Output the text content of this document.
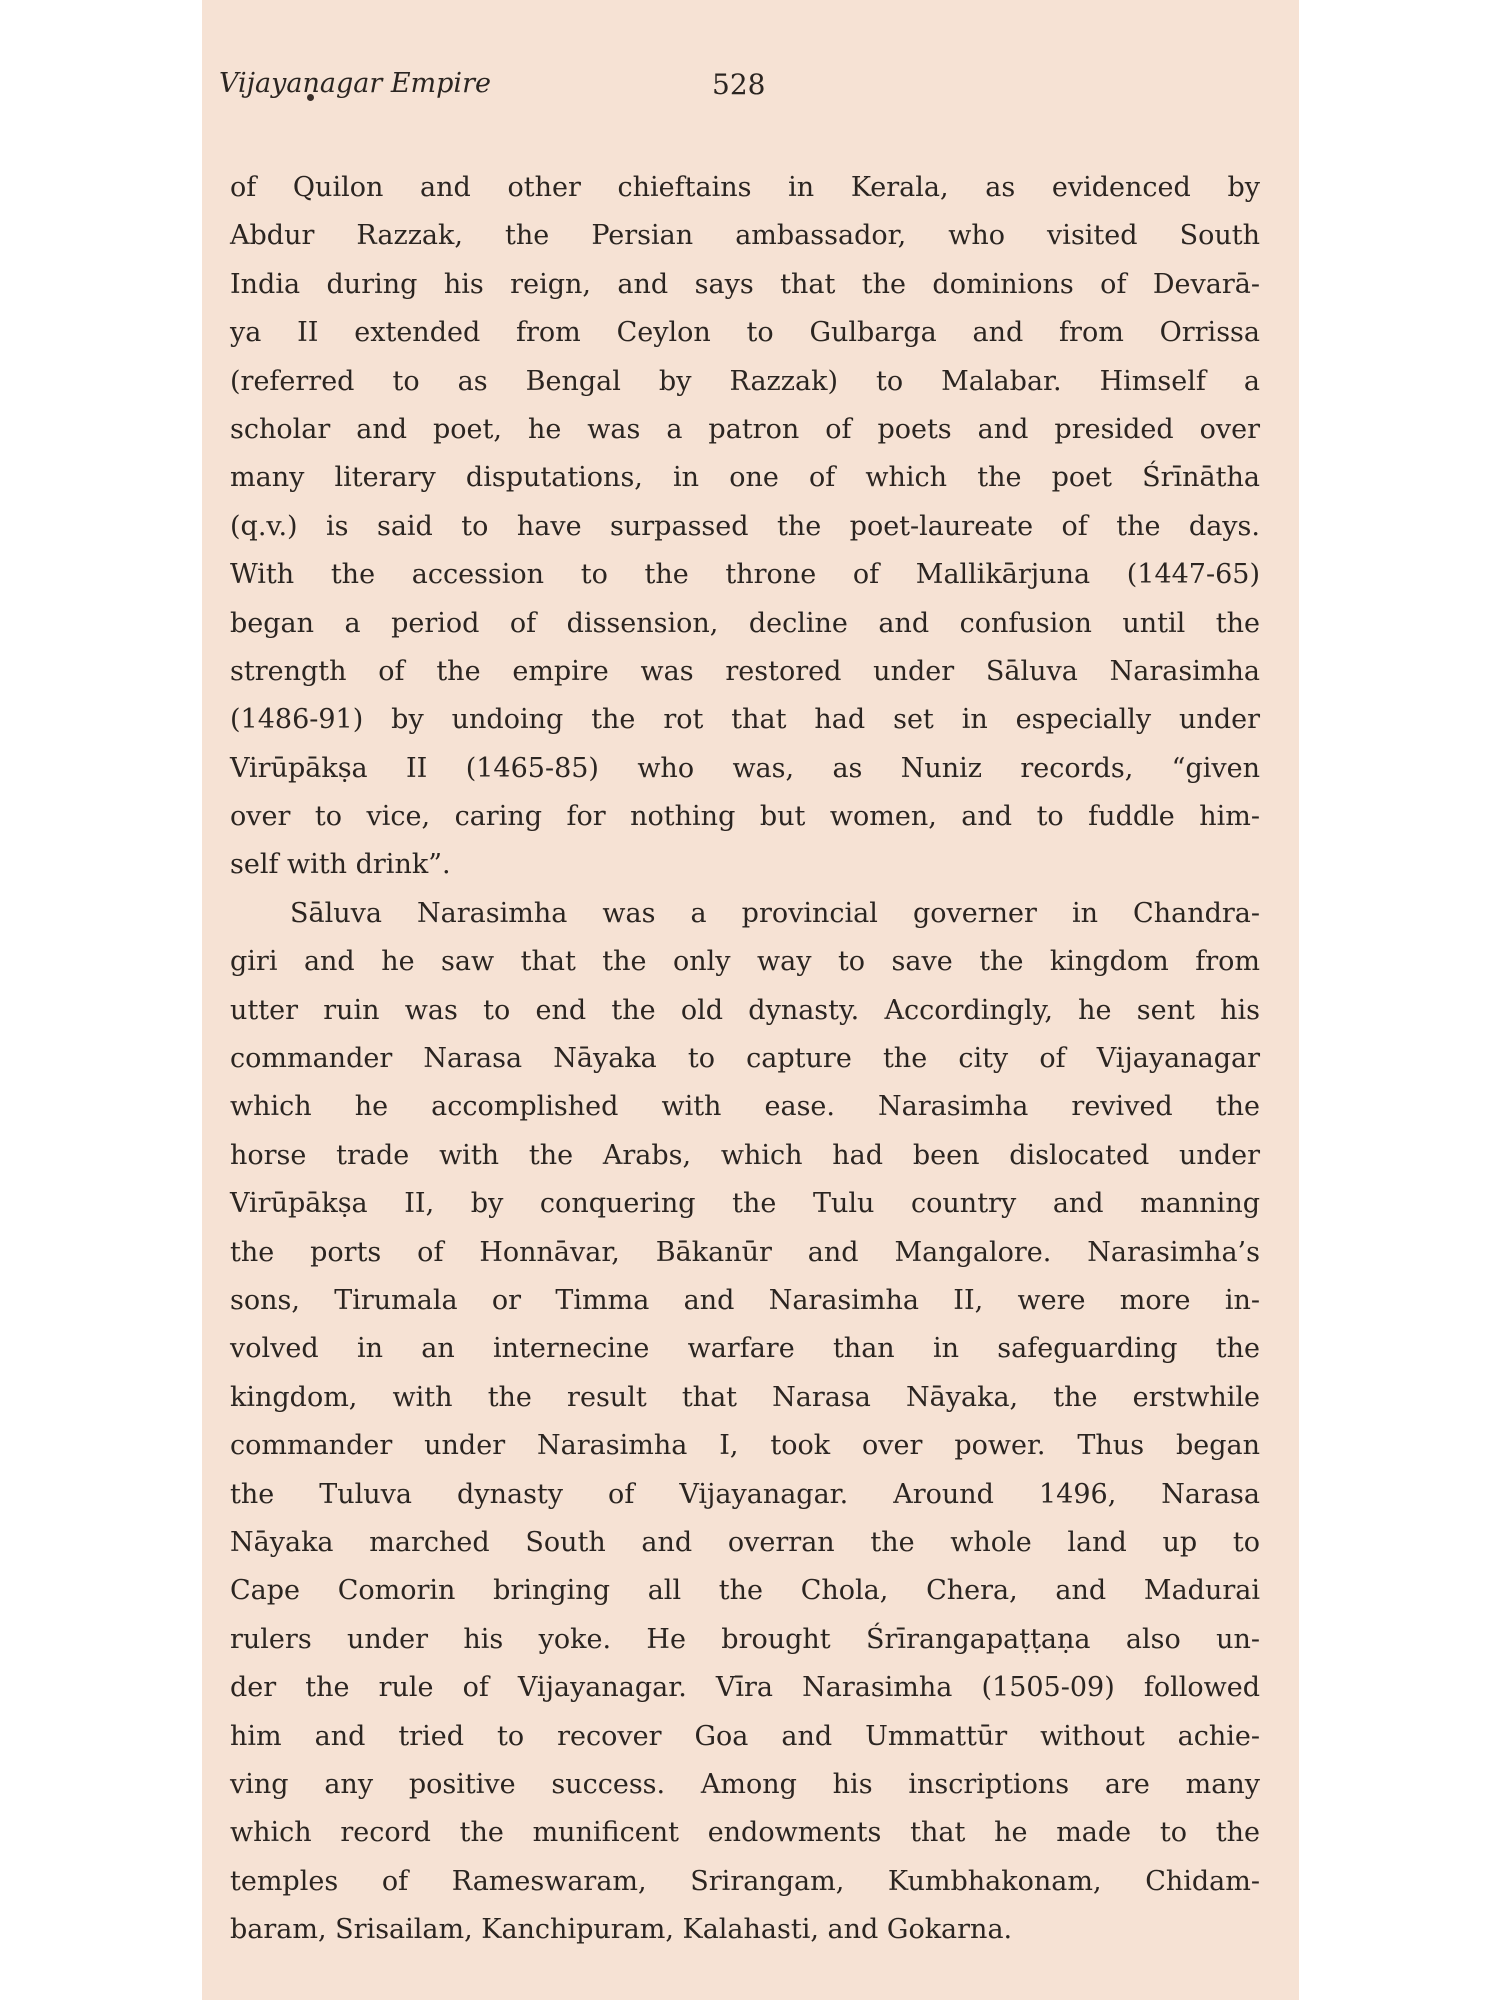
Vijayanagar Empire	528
of Quilon and other chieftains in Kerala, as evidenced by
Abdur Razzak, the Persian ambassador, who visited South
India during his reign, and says that the dominions of Devarā-
ya II extended from Ceylon to Gulbarga and from Orrissa
(referred to as Bengal by Razzak) to Malabar. Himself a
scholar and poet, he was a patron of poets and presided over
many literary disputations, in one of which the poet Śrīnātha
(q.v.) is said to have surpassed the poet-laureate of the days.
With the accession to the throne of Mallikārjuna (1447-65)
began a period of dissension, decline and confusion until the
strength of the empire was restored under Sāluva Narasimha
(1486-91) by undoing the rot that had set in especially under
Virūpākṣa II (1465-85) who was, as Nuniz records, “given
over to vice, caring for nothing but women, and to fuddle him-
self with drink”.
Sāluva Narasimha was a provincial governer in Chandra-
giri and he saw that the only way to save the kingdom from
utter ruin was to end the old dynasty. Accordingly, he sent his
commander Narasa Nāyaka to capture the city of Vijayanagar
which he accomplished with ease. Narasimha revived the
horse trade with the Arabs, which had been dislocated under
Virūpākṣa II, by conquering the Tulu country and manning
the ports of Honnāvar, Bākanūr and Mangalore. Narasimha’s
sons, Tirumala or Timma and Narasimha II, were more in-
volved in an internecine warfare than in safeguarding the
kingdom, with the result that Narasa Nāyaka, the erstwhile
commander under Narasimha I, took over power. Thus began
the Tuluva dynasty of Vijayanagar. Around 1496, Narasa
Nāyaka marched South and overran the whole land up to
Cape Comorin bringing all the Chola, Chera, and Madurai
rulers under his yoke. He brought Śrīrangapaṭṭaṇa also un-
der the rule of Vijayanagar. Vīra Narasimha (1505-09) followed
him and tried to recover Goa and Ummattūr without achie-
ving any positive success. Among his inscriptions are many
which record the munificent endowments that he made to the
temples of Rameswaram, Srirangam, Kumbhakonam, Chidam-
baram, Srisailam, Kanchipuram, Kalahasti, and Gokarna.
